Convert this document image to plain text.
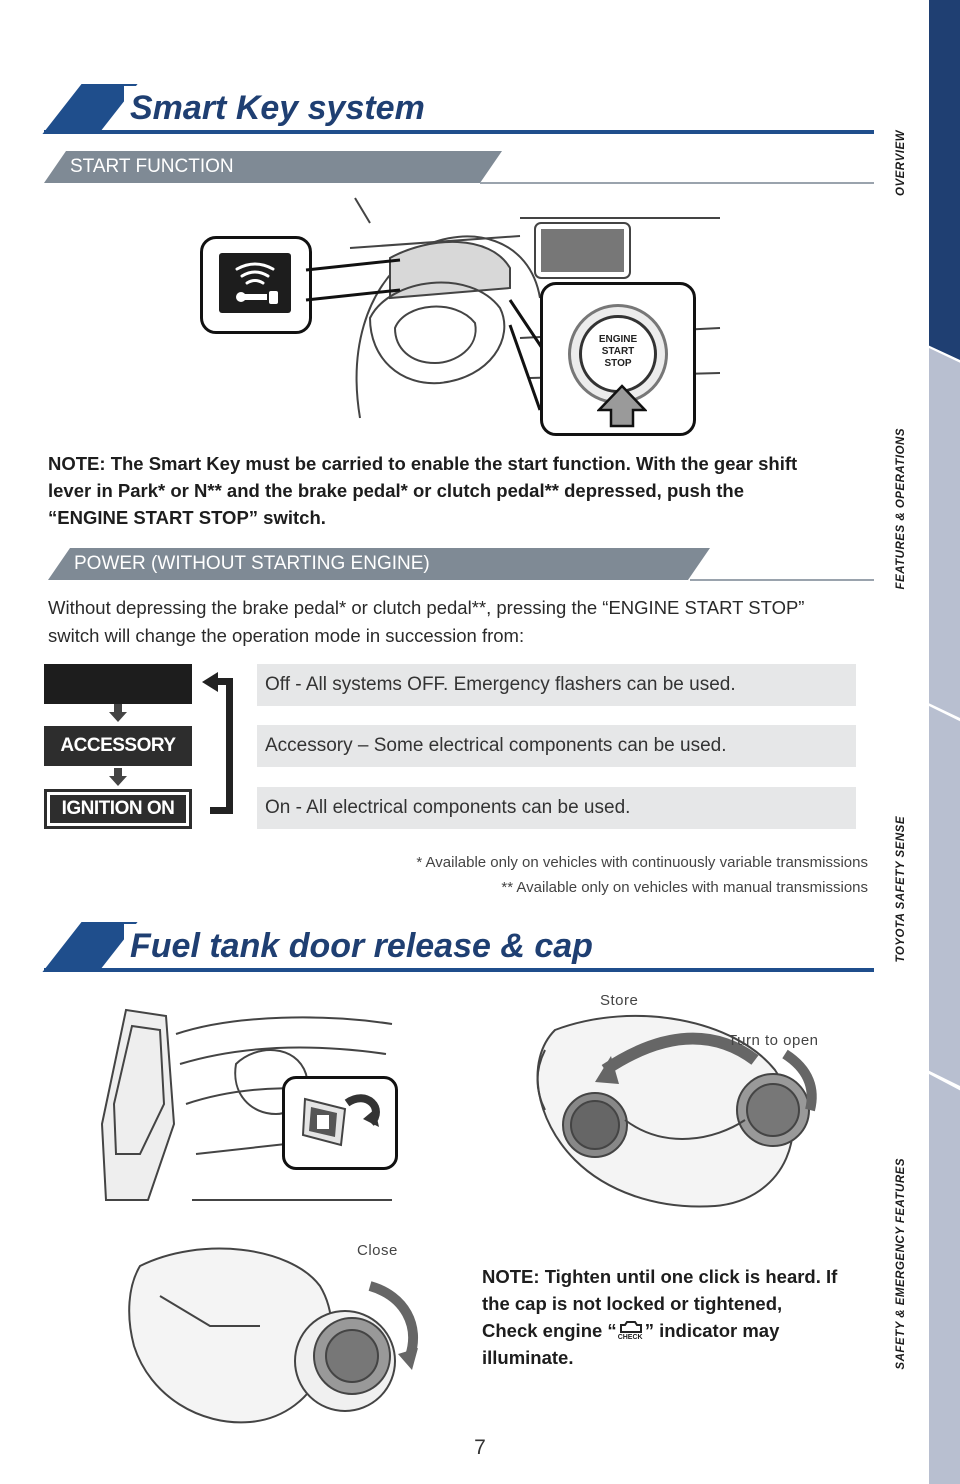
OVERVIEW
FEATURES & OPERATIONS
TOYOTA SAFETY SENSE
SAFETY & EMERGENCY FEATURES
Smart Key system
START FUNCTION
ENGINE
START
STOP
NOTE: The Smart Key must be carried to enable the start function. With the gear shift lever in Park* or N** and the brake pedal* or clutch pedal** depressed, push the “ENGINE START STOP” switch.
POWER (WITHOUT STARTING ENGINE)
Without depressing the brake pedal* or clutch pedal**, pressing the “ENGINE START STOP” switch will change the operation mode in succession from:
ACCESSORY
IGNITION ON
Off - All systems OFF. Emergency flashers can be used.
Accessory – Some electrical components can be used.
On - All electrical components can be used.
* Available only on vehicles with continuously variable transmissions
** Available only on vehicles with manual transmissions
Fuel tank door release & cap
Store
Turn to open
Close
NOTE: Tighten until one click is heard. If the cap is not locked or tightened, Check engine “ CHECK ” indicator may illuminate.
7
